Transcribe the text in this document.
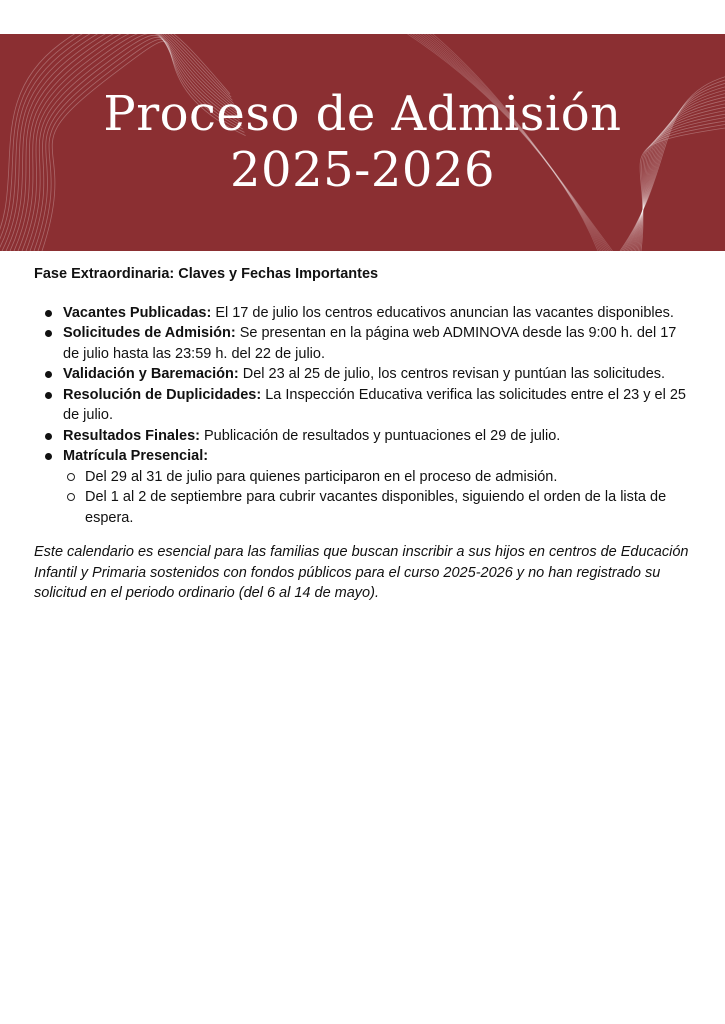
Proceso de Admisión
2025-2026
Fase Extraordinaria: Claves y Fechas Importantes
Vacantes Publicadas: El 17 de julio los centros educativos anuncian las vacantes disponibles.
Solicitudes de Admisión: Se presentan en la página web ADMINOVA desde las 9:00 h. del 17 de julio hasta las 23:59 h. del 22 de julio.
Validación y Baremación: Del 23 al 25 de julio, los centros revisan y puntúan las solicitudes.
Resolución de Duplicidades: La Inspección Educativa verifica las solicitudes entre el 23 y el 25 de julio.
Resultados Finales: Publicación de resultados y puntuaciones el 29 de julio.
Matrícula Presencial:
Del 29 al 31 de julio para quienes participaron en el proceso de admisión.
Del 1 al 2 de septiembre para cubrir vacantes disponibles, siguiendo el orden de la lista de espera.
Este calendario es esencial para las familias que buscan inscribir a sus hijos en centros de Educación Infantil y Primaria sostenidos con fondos públicos para el curso 2025-2026 y no han registrado su solicitud en el periodo ordinario (del 6 al 14 de mayo).
